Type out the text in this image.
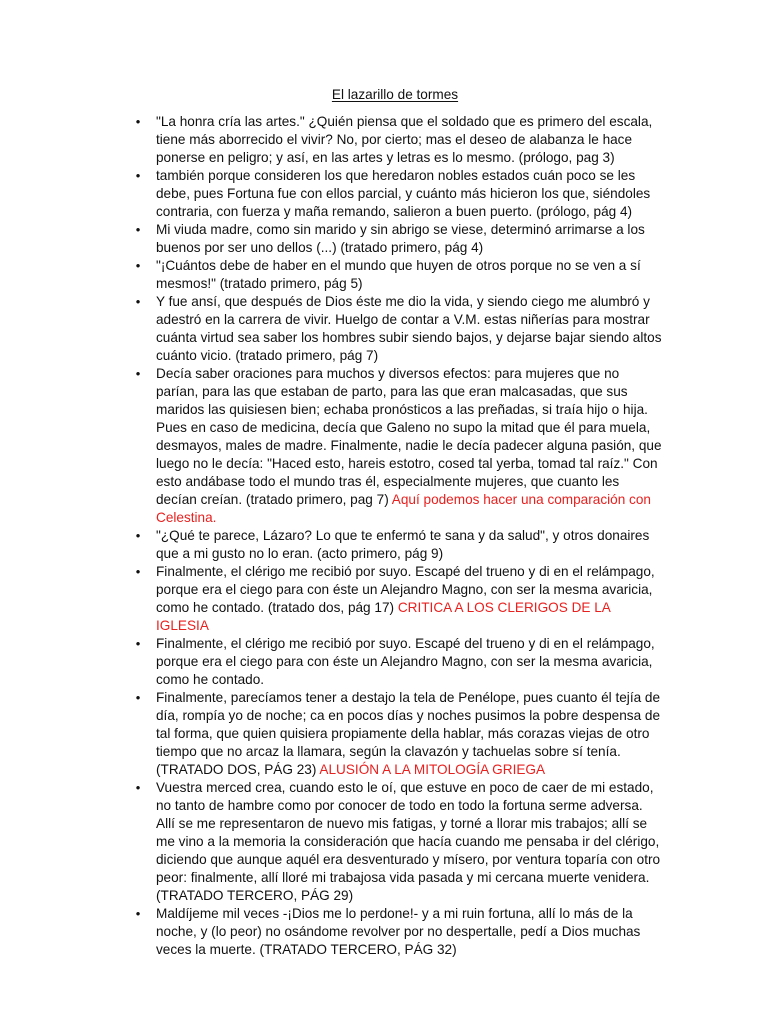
El lazarillo de tormes
• "La honra cría las artes." ¿Quién piensa que el soldado que es primero del escala, tiene más aborrecido el vivir? No, por cierto; mas el deseo de alabanza le hace ponerse en peligro; y así, en las artes y letras es lo mesmo. (prólogo, pag 3)
• también porque consideren los que heredaron nobles estados cuán poco se les debe, pues Fortuna fue con ellos parcial, y cuánto más hicieron los que, siéndoles contraria, con fuerza y maña remando, salieron a buen puerto. (prólogo, pág 4)
• Mi viuda madre, como sin marido y sin abrigo se viese, determinó arrimarse a los buenos por ser uno dellos (...) (tratado primero, pág 4)
• "¡Cuántos debe de haber en el mundo que huyen de otros porque no se ven a sí mesmos!" (tratado primero, pág 5)
• Y fue ansí, que después de Dios éste me dio la vida, y siendo ciego me alumbró y adestró en la carrera de vivir. Huelgo de contar a V.M. estas niñerías para mostrar cuánta virtud sea saber los hombres subir siendo bajos, y dejarse bajar siendo altos cuánto vicio. (tratado primero, pág 7)
• Decía saber oraciones para muchos y diversos efectos: para mujeres que no parían, para las que estaban de parto, para las que eran malcasadas, que sus maridos las quisiesen bien; echaba pronósticos a las preñadas, si traía hijo o hija. Pues en caso de medicina, decía que Galeno no supo la mitad que él para muela, desmayos, males de madre. Finalmente, nadie le decía padecer alguna pasión, que luego no le decía: "Haced esto, hareis estotro, cosed tal yerba, tomad tal raíz." Con esto andábase todo el mundo tras él, especialmente mujeres, que cuanto les decían creían. (tratado primero, pag 7) Aquí podemos hacer una comparación con Celestina.
• "¿Qué te parece, Lázaro? Lo que te enfermó te sana y da salud", y otros donaires que a mi gusto no lo eran. (acto primero, pág 9)
• Finalmente, el clérigo me recibió por suyo. Escapé del trueno y di en el relámpago, porque era el ciego para con éste un Alejandro Magno, con ser la mesma avaricia, como he contado. (tratado dos, pág 17) CRITICA A LOS CLERIGOS DE LA IGLESIA
• Finalmente, el clérigo me recibió por suyo. Escapé del trueno y di en el relámpago, porque era el ciego para con éste un Alejandro Magno, con ser la mesma avaricia, como he contado.
• Finalmente, parecíamos tener a destajo la tela de Penélope, pues cuanto él tejía de día, rompía yo de noche; ca en pocos días y noches pusimos la pobre despensa de tal forma, que quien quisiera propiamente della hablar, más corazas viejas de otro tiempo que no arcaz la llamara, según la clavazón y tachuelas sobre sí tenía. (TRATADO DOS, PÁG 23) ALUSIÓN A LA MITOLOGÍA GRIEGA
• Vuestra merced crea, cuando esto le oí, que estuve en poco de caer de mi estado, no tanto de hambre como por conocer de todo en todo la fortuna serme adversa. Allí se me representaron de nuevo mis fatigas, y torné a llorar mis trabajos; allí se me vino a la memoria la consideración que hacía cuando me pensaba ir del clérigo, diciendo que aunque aquél era desventurado y mísero, por ventura toparía con otro peor: finalmente, allí lloré mi trabajosa vida pasada y mi cercana muerte venidera. (TRATADO TERCERO, PÁG 29)
• Maldíjeme mil veces -¡Dios me lo perdone!- y a mi ruin fortuna, allí lo más de la noche, y (lo peor) no osándome revolver por no despertalle, pedí a Dios muchas veces la muerte. (TRATADO TERCERO, PÁG 32)
